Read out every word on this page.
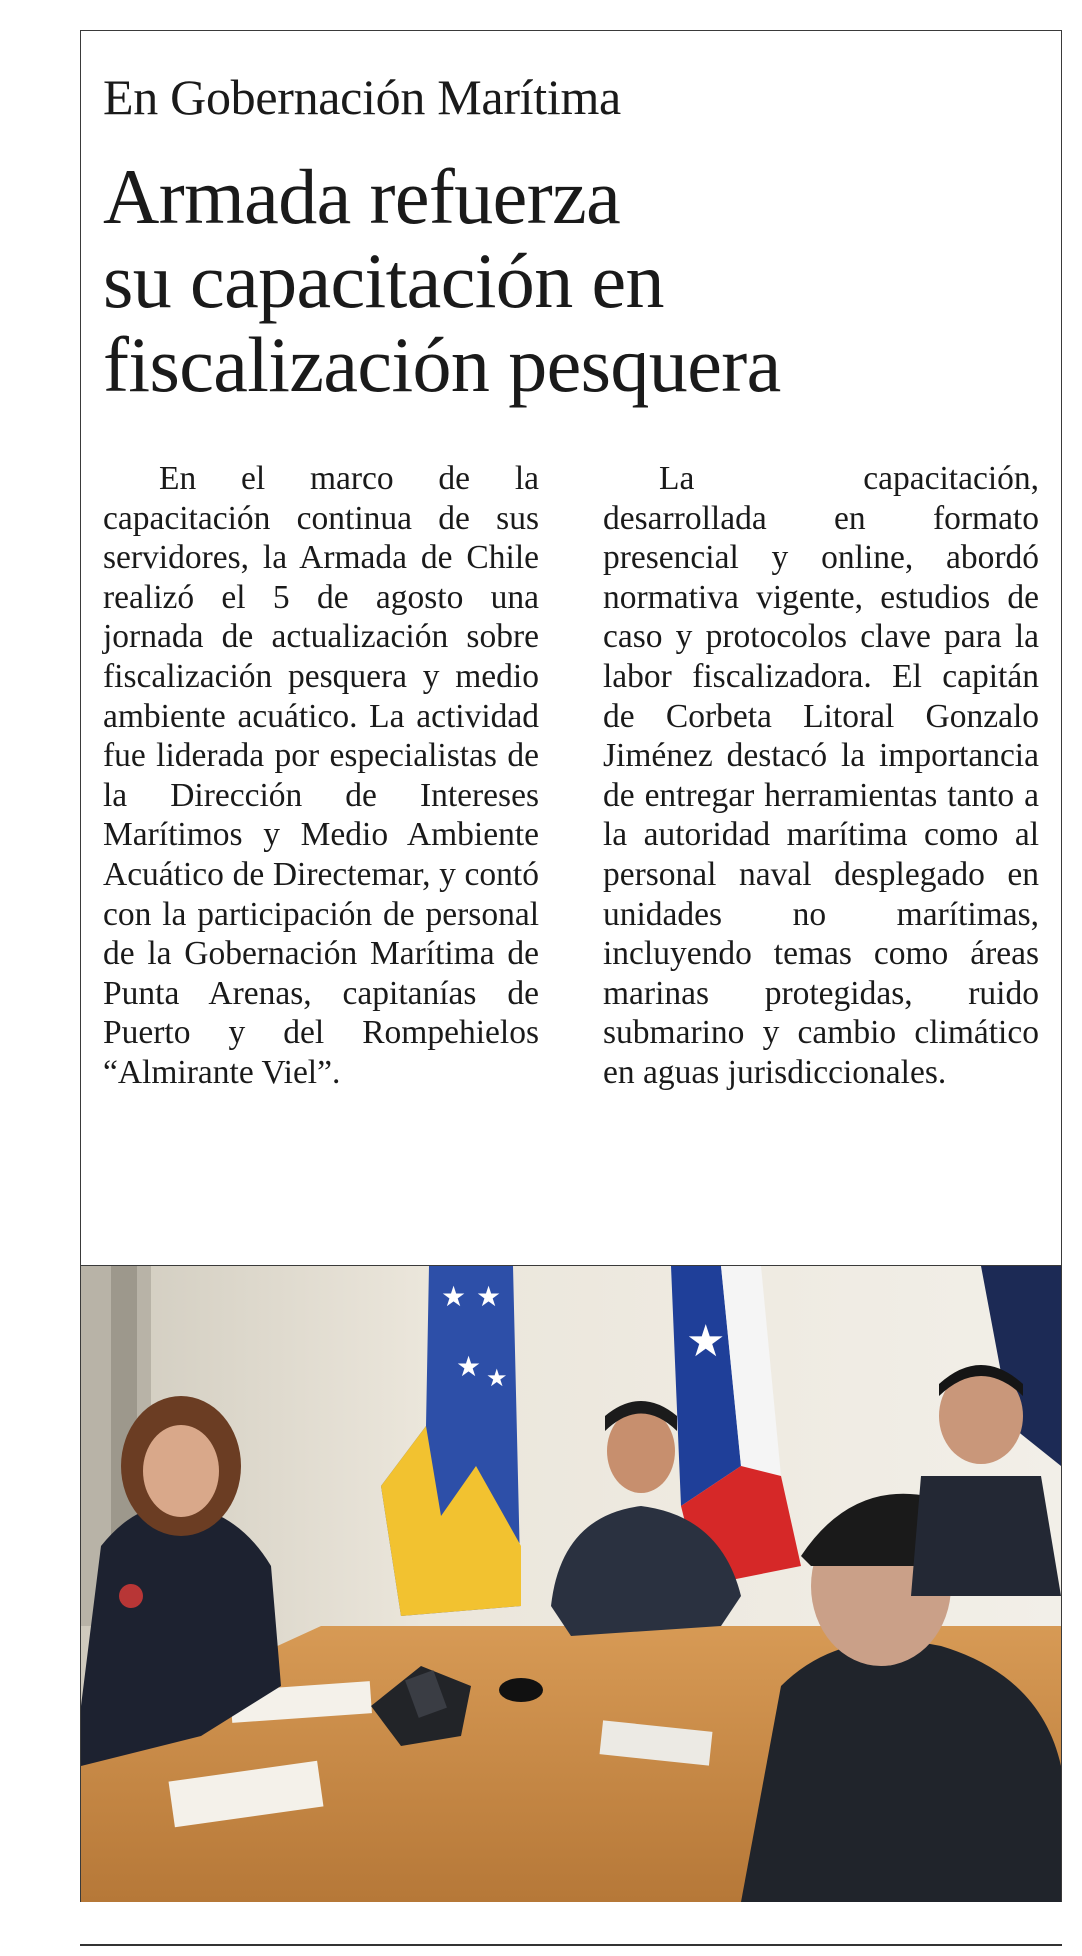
En Gobernación Marítima
Armada refuerza
su capacitación en
fiscalización pesquera

En el marco de la capacitación continua de sus servidores, la Armada de Chile realizó el 5 de agosto una jornada de actualización sobre fiscalización pesquera y medio ambiente acuático. La actividad fue liderada por especialistas de la Dirección de Intereses Marítimos y Medio Ambiente Acuático de Directemar, y contó con la participación de personal de la Gobernación Marítima de Punta Arenas, capitanías de Puerto y del Rompehielos “Almirante Viel”.

La capacitación, desarrollada en formato presencial y online, abordó normativa vigente, estudios de caso y protocolos clave para la labor fiscalizadora. El capitán de Corbeta Litoral Gonzalo Jiménez destacó la importancia de entregar herramientas tanto a la autoridad marítima como al personal naval desplegado en unidades no marítimas, incluyendo temas como áreas marinas protegidas, ruido submarino y cambio climático en aguas jurisdiccionales.

★ ★
★ ★
★
